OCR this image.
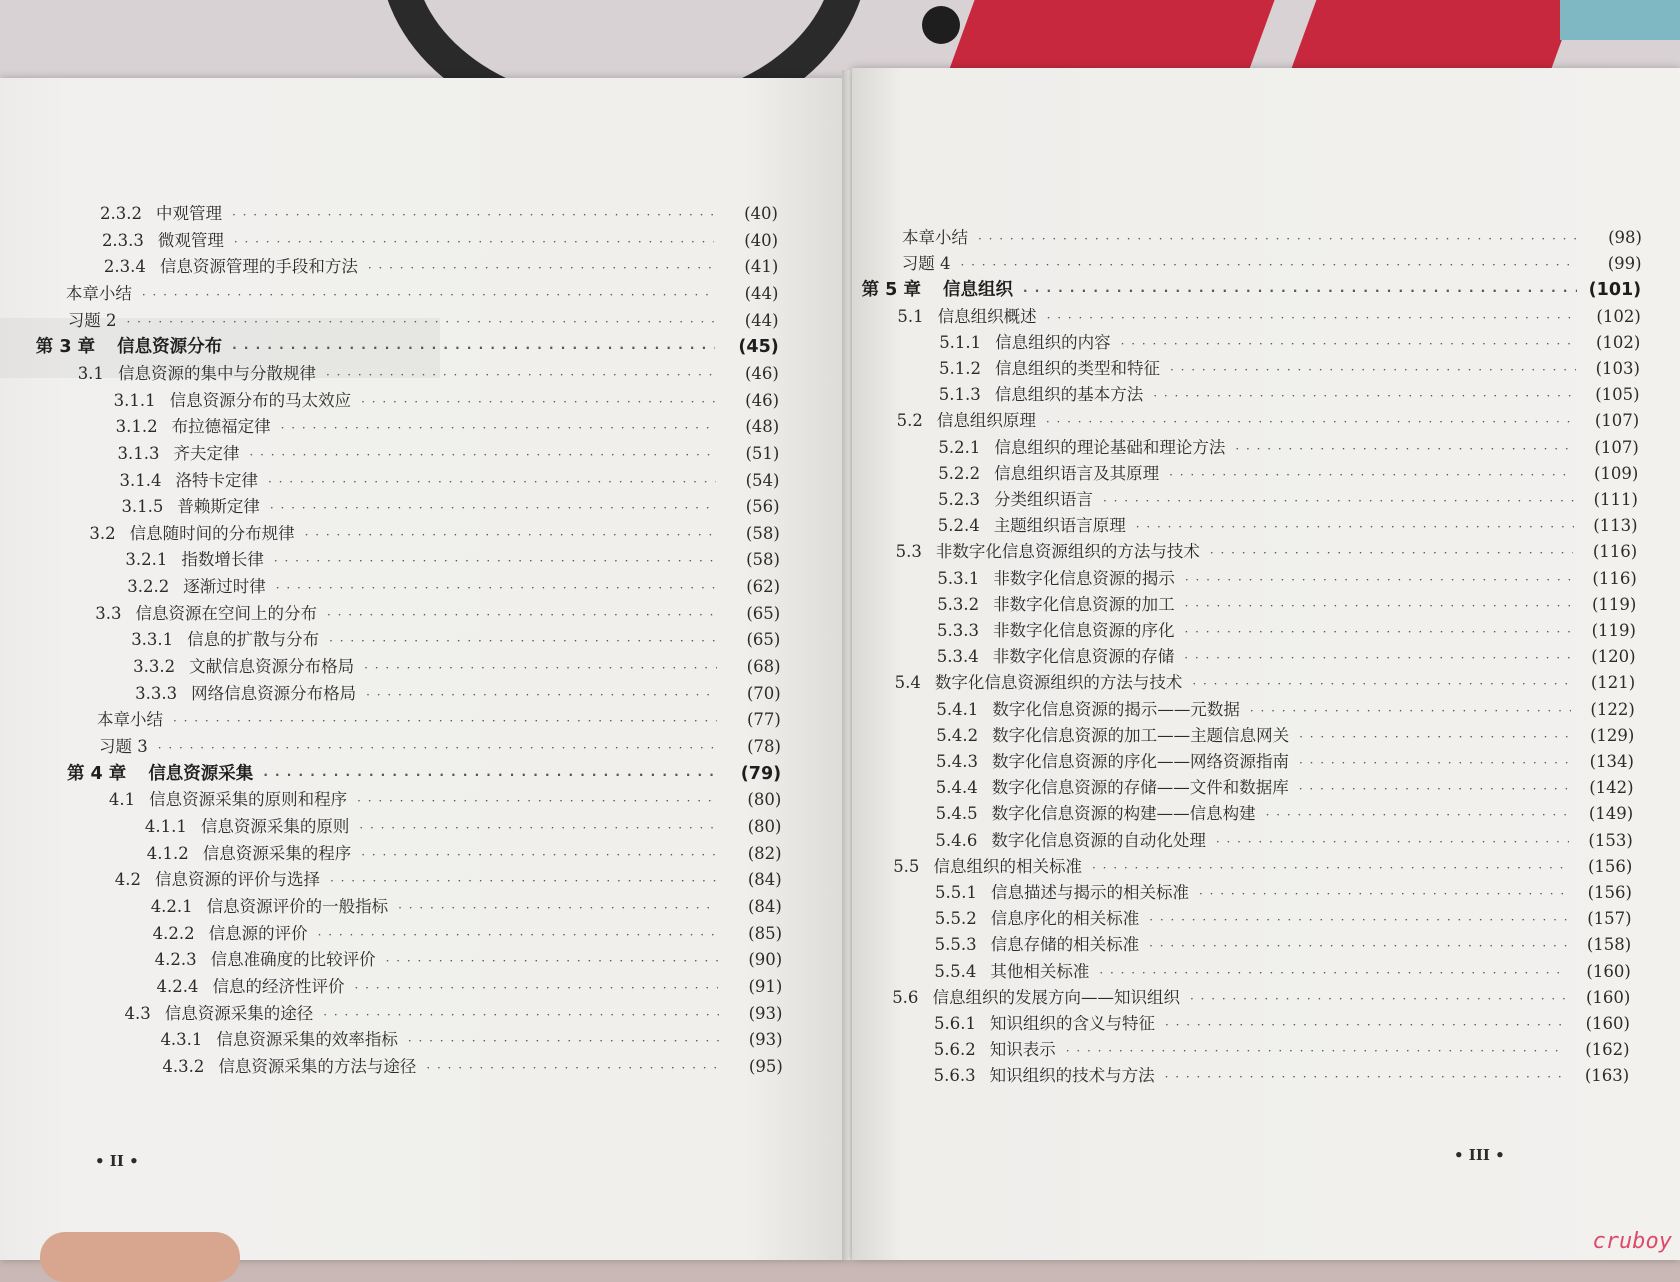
2.3.2 中观管理 · · ·	(40)
2.3.3 微观管理 · · ·	(40)
2.3.4 信息资源管理的手段和方法 · · ·	(41)
本章小结 · · ·	(44)
习题 2 · · ·	(44)
第 3 章 信息资源分布 · · ·	(45)
3.1 信息资源的集中与分散规律 · · ·	(46)
3.1.1 信息资源分布的马太效应 · · ·	(46)
3.1.2 布拉德福定律 · · ·	(48)
3.1.3 齐夫定律 · · ·	(51)
3.1.4 洛特卡定律 · · ·	(54)
3.1.5 普赖斯定律 · · ·	(56)
3.2 信息随时间的分布规律 · · ·	(58)
3.2.1 指数增长律 · · ·	(58)
3.2.2 逐渐过时律 · · ·	(62)
3.3 信息资源在空间上的分布 · · ·	(65)
3.3.1 信息的扩散与分布 · · ·	(65)
3.3.2 文献信息资源分布格局 · · ·	(68)
3.3.3 网络信息资源分布格局 · · ·	(70)
本章小结 · · ·	(77)
习题 3 · · ·	(78)
第 4 章 信息资源采集 · · ·	(79)
4.1 信息资源采集的原则和程序 · · ·	(80)
4.1.1 信息资源采集的原则 · · ·	(80)
4.1.2 信息资源采集的程序 · · ·	(82)
4.2 信息资源的评价与选择 · · ·	(84)
4.2.1 信息资源评价的一般指标 · · ·	(84)
4.2.2 信息源的评价 · · ·	(85)
4.2.3 信息准确度的比较评价 · · ·	(90)
4.2.4 信息的经济性评价 · · ·	(91)
4.3 信息资源采集的途径 · · ·	(93)
4.3.1 信息资源采集的效率指标 · · ·	(93)
4.3.2 信息资源采集的方法与途径 · · ·	(95)
• II •
本章小结 · · ·	(98)
习题 4 · · ·	(99)
第 5 章 信息组织 · · ·	(101)
5.1 信息组织概述 · · ·	(102)
5.1.1 信息组织的内容 · · ·	(102)
5.1.2 信息组织的类型和特征 · · ·	(103)
5.1.3 信息组织的基本方法 · · ·	(105)
5.2 信息组织原理 · · ·	(107)
5.2.1 信息组织的理论基础和理论方法 · · ·	(107)
5.2.2 信息组织语言及其原理 · · ·	(109)
5.2.3 分类组织语言 · · ·	(111)
5.2.4 主题组织语言原理 · · ·	(113)
5.3 非数字化信息资源组织的方法与技术 · · ·	(116)
5.3.1 非数字化信息资源的揭示 · · ·	(116)
5.3.2 非数字化信息资源的加工 · · ·	(119)
5.3.3 非数字化信息资源的序化 · · ·	(119)
5.3.4 非数字化信息资源的存储 · · ·	(120)
5.4 数字化信息资源组织的方法与技术 · · ·	(121)
5.4.1 数字化信息资源的揭示——元数据 · · ·	(122)
5.4.2 数字化信息资源的加工——主题信息网关 · · ·	(129)
5.4.3 数字化信息资源的序化——网络资源指南 · · ·	(134)
5.4.4 数字化信息资源的存储——文件和数据库 · · ·	(142)
5.4.5 数字化信息资源的构建——信息构建 · · ·	(149)
5.4.6 数字化信息资源的自动化处理 · · ·	(153)
5.5 信息组织的相关标准 · · ·	(156)
5.5.1 信息描述与揭示的相关标准 · · ·	(156)
5.5.2 信息序化的相关标准 · · ·	(157)
5.5.3 信息存储的相关标准 · · ·	(158)
5.5.4 其他相关标准 · · ·	(160)
5.6 信息组织的发展方向——知识组织 · · ·	(160)
5.6.1 知识组织的含义与特征 · · ·	(160)
5.6.2 知识表示 · · ·	(162)
5.6.3 知识组织的技术与方法 · · ·	(163)
• III •
cruboy
